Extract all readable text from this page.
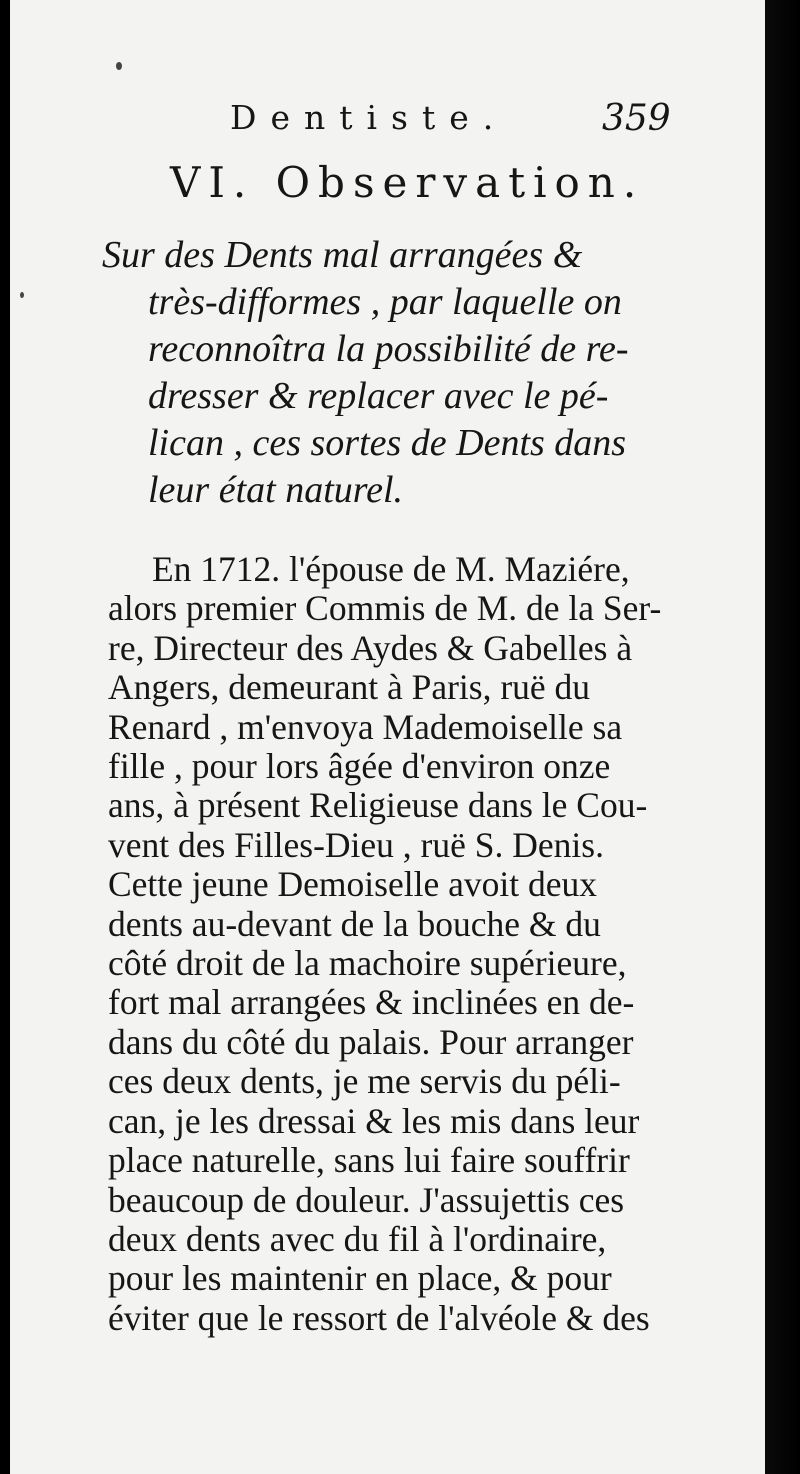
Dentiste.	359
VI. Observation.
Sur des Dents mal arrangées &
très-difformes , par laquelle on
reconnoîtra la possibilité de re-
dresser & replacer avec le pé-
lican , ces sortes de Dents dans
leur état naturel.
En 1712. l'épouse de M. Maziére,
alors premier Commis de M. de la Ser-
re, Directeur des Aydes & Gabelles à
Angers, demeurant à Paris, ruë du
Renard , m'envoya Mademoiselle sa
fille , pour lors âgée d'environ onze
ans, à présent Religieuse dans le Cou-
vent des Filles-Dieu , ruë S. Denis.
Cette jeune Demoiselle avoit deux
dents au-devant de la bouche & du
côté droit de la machoire supérieure,
fort mal arrangées & inclinées en de-
dans du côté du palais. Pour arranger
ces deux dents, je me servis du péli-
can, je les dressai & les mis dans leur
place naturelle, sans lui faire souffrir
beaucoup de douleur. J'assujettis ces
deux dents avec du fil à l'ordinaire,
pour les maintenir en place, & pour
éviter que le ressort de l'alvéole & des
